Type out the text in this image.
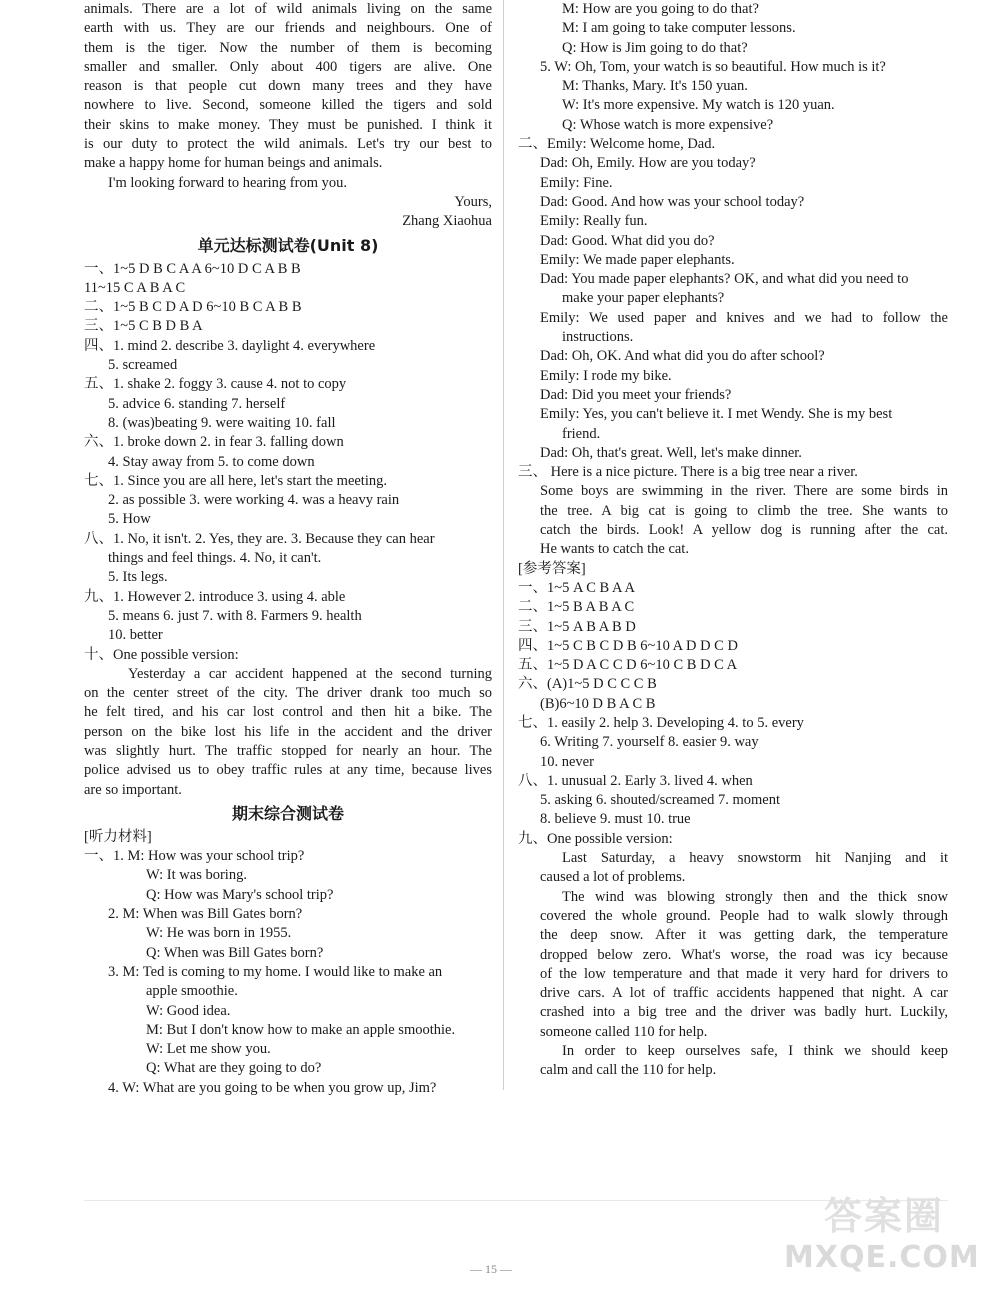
animals. There are a lot of wild animals living on the same
earth with us. They are our friends and neighbours. One of
them is the tiger. Now the number of them is becoming
smaller and smaller. Only about 400 tigers are alive. One
reason is that people cut down many trees and they have
nowhere to live. Second, someone killed the tigers and sold
their skins to make money. They must be punished. I think it
is our duty to protect the wild animals. Let's try our best to
make a happy home for human beings and animals.
I'm looking forward to hearing from you.
Yours,
Zhang Xiaohua
单元达标测试卷(Unit 8)
一、1~5 D B C A A 6~10 D C A B B
11~15 C A B A C
二、1~5 B C D A D 6~10 B C A B B
三、1~5 C B D B A
四、1. mind 2. describe 3. daylight 4. everywhere
5. screamed
五、1. shake 2. foggy 3. cause 4. not to copy
5. advice 6. standing 7. herself
8. (was)beating 9. were waiting 10. fall
六、1. broke down 2. in fear 3. falling down
4. Stay away from 5. to come down
七、1. Since you are all here, let's start the meeting.
2. as possible 3. were working 4. was a heavy rain
5. How
八、1. No, it isn't. 2. Yes, they are. 3. Because they can hear
things and feel things. 4. No, it can't.
5. Its legs.
九、1. However 2. introduce 3. using 4. able
5. means 6. just 7. with 8. Farmers 9. health
10. better
十、One possible version:
Yesterday a car accident happened at the second turning
on the center street of the city. The driver drank too much so
he felt tired, and his car lost control and then hit a bike. The
person on the bike lost his life in the accident and the driver
was slightly hurt. The traffic stopped for nearly an hour. The
police advised us to obey traffic rules at any time, because lives
are so important.
期末综合测试卷
[听力材料]
一、1. M: How was your school trip?
W: It was boring.
Q: How was Mary's school trip?
2. M: When was Bill Gates born?
W: He was born in 1955.
Q: When was Bill Gates born?
3. M: Ted is coming to my home. I would like to make an
apple smoothie.
W: Good idea.
M: But I don't know how to make an apple smoothie.
W: Let me show you.
Q: What are they going to do?
4. W: What are you going to be when you grow up, Jim?
M: How are you going to do that?
M: I am going to take computer lessons.
Q: How is Jim going to do that?
5. W: Oh, Tom, your watch is so beautiful. How much is it?
M: Thanks, Mary. It's 150 yuan.
W: It's more expensive. My watch is 120 yuan.
Q: Whose watch is more expensive?
二、Emily: Welcome home, Dad.
Dad: Oh, Emily. How are you today?
Emily: Fine.
Dad: Good. And how was your school today?
Emily: Really fun.
Dad: Good. What did you do?
Emily: We made paper elephants.
Dad: You made paper elephants? OK, and what did you need to
make your paper elephants?
Emily: We used paper and knives and we had to follow the
instructions.
Dad: Oh, OK. And what did you do after school?
Emily: I rode my bike.
Dad: Did you meet your friends?
Emily: Yes, you can't believe it. I met Wendy. She is my best
friend.
Dad: Oh, that's great. Well, let's make dinner.
三、 Here is a nice picture. There is a big tree near a river.
Some boys are swimming in the river. There are some birds in
the tree. A big cat is going to climb the tree. She wants to
catch the birds. Look! A yellow dog is running after the cat.
He wants to catch the cat.
[参考答案]
一、1~5 A C B A A
二、1~5 B A B A C
三、1~5 A B A B D
四、1~5 C B C D B 6~10 A D D C D
五、1~5 D A C C D 6~10 C B D C A
六、(A)1~5 D C C C B
(B)6~10 D B A C B
七、1. easily 2. help 3. Developing 4. to 5. every
6. Writing 7. yourself 8. easier 9. way
10. never
八、1. unusual 2. Early 3. lived 4. when
5. asking 6. shouted/screamed 7. moment
8. believe 9. must 10. true
九、One possible version:
Last Saturday, a heavy snowstorm hit Nanjing and it
caused a lot of problems.
The wind was blowing strongly then and the thick snow
covered the whole ground. People had to walk slowly through
the deep snow. After it was getting dark, the temperature
dropped below zero. What's worse, the road was icy because
of the low temperature and that made it very hard for drivers to
drive cars. A lot of traffic accidents happened that night. A car
crashed into a big tree and the driver was badly hurt. Luckily,
someone called 110 for help.
In order to keep ourselves safe, I think we should keep
calm and call the 110 for help.
— 15 —
答案圈
MXQE.COM
